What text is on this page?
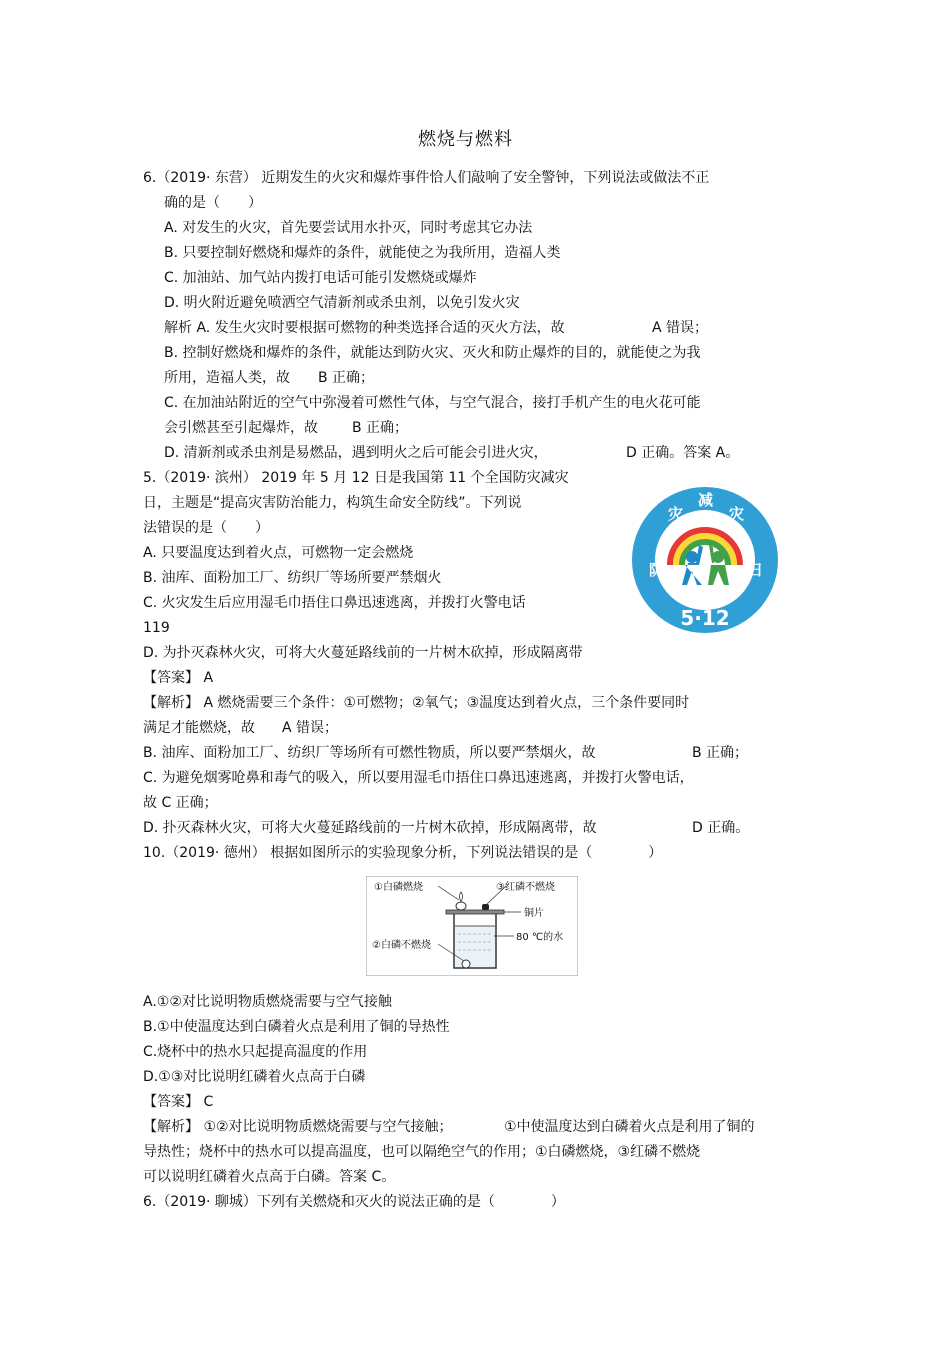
燃烧与燃料
6.（2019· 东营） 近期发生的火灾和爆炸事件恰人们敲响了安全警钟，下列说法或做法不正
确的是（　　）
A. 对发生的火灾，首先要尝试用水扑灭，同时考虑其它办法
B. 只要控制好燃烧和爆炸的条件，就能使之为我所用，造福人类
C. 加油站、加气站内拨打电话可能引发燃烧或爆炸
D. 明火附近避免喷洒空气清新剂或杀虫剂，以免引发火灾
解析 A. 发生火灾时要根据可燃物的种类选择合适的灭火方法，故	A 错误；
B. 控制好燃烧和爆炸的条件，就能达到防火灾、灭火和防止爆炸的目的，就能使之为我
所用，造福人类，故 B 正确；
C. 在加油站附近的空气中弥漫着可燃性气体，与空气混合，接打手机产生的电火花可能
会引燃甚至引起爆炸，故 B 正确；
D. 清新剂或杀虫剂是易燃品，遇到明火之后可能会引进火灾，	D 正确。答案 A。
5.（2019· 滨州） 2019 年 5 月 12 日是我国第 11 个全国防灾减灾
日，主题是“提高灾害防治能力，构筑生命安全防线”。下列说
法错误的是（　　）
A. 只要温度达到着火点，可燃物一定会燃烧
B. 油库、面粉加工厂、纺织厂等场所要严禁烟火
C. 火灾发生后应用湿毛巾捂住口鼻迅速逃离，并拨打火警电话
119
D. 为扑灭森林火灾，可将大火蔓延路线前的一片树木砍掉，形成隔离带
【答案】 A
【解析】 A 燃烧需要三个条件：①可燃物；②氧气；③温度达到着火点，三个条件要同时
满足才能燃烧，故 A 错误；
B. 油库、面粉加工厂、纺织厂等场所有可燃性物质，所以要严禁烟火，故	B 正确；
C. 为避免烟雾呛鼻和毒气的吸入，所以要用湿毛巾捂住口鼻迅速逃离，并拨打火警电话，
故 C 正确；
D. 扑灭森林火灾，可将大火蔓延路线前的一片树木砍掉，形成隔离带，故	D 正确。
5·12
防
灾
减
灾
日
10.（2019· 德州） 根据如图所示的实验现象分析，下列说法错误的是（　　　　）
①白磷燃烧	③红磷不燃烧
铜片
②白磷不燃烧
80 ℃的水
A.①②对比说明物质燃烧需要与空气接触
B.①中使温度达到白磷着火点是利用了铜的导热性
C.烧杯中的热水只起提高温度的作用
D.①③对比说明红磷着火点高于白磷
【答案】 C
【解析】 ①②对比说明物质燃烧需要与空气接触；	①中使温度达到白磷着火点是利用了铜的
导热性；烧杯中的热水可以提高温度，也可以隔绝空气的作用；①白磷燃烧，③红磷不燃烧
可以说明红磷着火点高于白磷。答案 C。
6.（2019· 聊城）下列有关燃烧和灭火的说法正确的是（　　　　）
